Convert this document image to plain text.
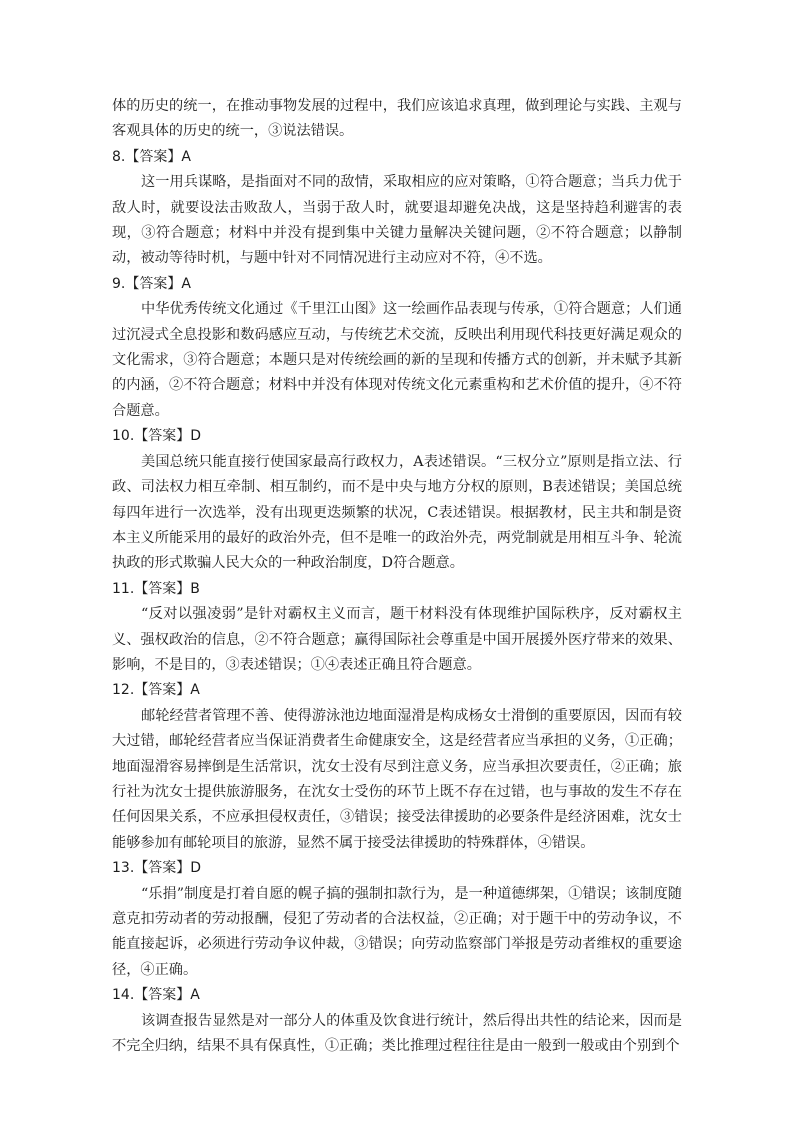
体的历史的统一，在推动事物发展的过程中，我们应该追求真理，做到理论与实践、主观与客观具体的历史的统一，③说法错误。

8.【答案】A

这一用兵谋略，是指面对不同的敌情，采取相应的应对策略，①符合题意；当兵力优于敌人时，就要设法击败敌人，当弱于敌人时，就要退却避免决战，这是坚持趋利避害的表现，③符合题意；材料中并没有提到集中关键力量解决关键问题，②不符合题意；以静制动，被动等待时机，与题中针对不同情况进行主动应对不符，④不选。

9.【答案】A

中华优秀传统文化通过《千里江山图》这一绘画作品表现与传承，①符合题意；人们通过沉浸式全息投影和数码感应互动，与传统艺术交流，反映出利用现代科技更好满足观众的文化需求，③符合题意；本题只是对传统绘画的新的呈现和传播方式的创新，并未赋予其新的内涵，②不符合题意；材料中并没有体现对传统文化元素重构和艺术价值的提升，④不符合题意。

10.【答案】D

美国总统只能直接行使国家最高行政权力，A表述错误。“三权分立”原则是指立法、行政、司法权力相互牵制、相互制约，而不是中央与地方分权的原则，B表述错误；美国总统每四年进行一次选举，没有出现更迭频繁的状况，C表述错误。根据教材，民主共和制是资本主义所能采用的最好的政治外壳，但不是唯一的政治外壳，两党制就是用相互斗争、轮流执政的形式欺骗人民大众的一种政治制度，D符合题意。

11.【答案】B

“反对以强凌弱”是针对霸权主义而言，题干材料没有体现维护国际秩序，反对霸权主义、强权政治的信息，②不符合题意；赢得国际社会尊重是中国开展援外医疗带来的效果、影响，不是目的，③表述错误；①④表述正确且符合题意。

12.【答案】A

邮轮经营者管理不善、使得游泳池边地面湿滑是构成杨女士滑倒的重要原因，因而有较大过错，邮轮经营者应当保证消费者生命健康安全，这是经营者应当承担的义务，①正确；地面湿滑容易摔倒是生活常识，沈女士没有尽到注意义务，应当承担次要责任，②正确；旅行社为沈女士提供旅游服务，在沈女士受伤的环节上既不存在过错，也与事故的发生不存在任何因果关系，不应承担侵权责任，③错误；接受法律援助的必要条件是经济困难，沈女士能够参加有邮轮项目的旅游，显然不属于接受法律援助的特殊群体，④错误。

13.【答案】D

“乐捐”制度是打着自愿的幌子搞的强制扣款行为，是一种道德绑架，①错误；该制度随意克扣劳动者的劳动报酬，侵犯了劳动者的合法权益，②正确；对于题干中的劳动争议，不能直接起诉，必须进行劳动争议仲裁，③错误；向劳动监察部门举报是劳动者维权的重要途径，④正确。

14.【答案】A

该调查报告显然是对一部分人的体重及饮食进行统计，然后得出共性的结论来，因而是不完全归纳，结果不具有保真性，①正确；类比推理过程往往是由一般到一般或由个别到个
